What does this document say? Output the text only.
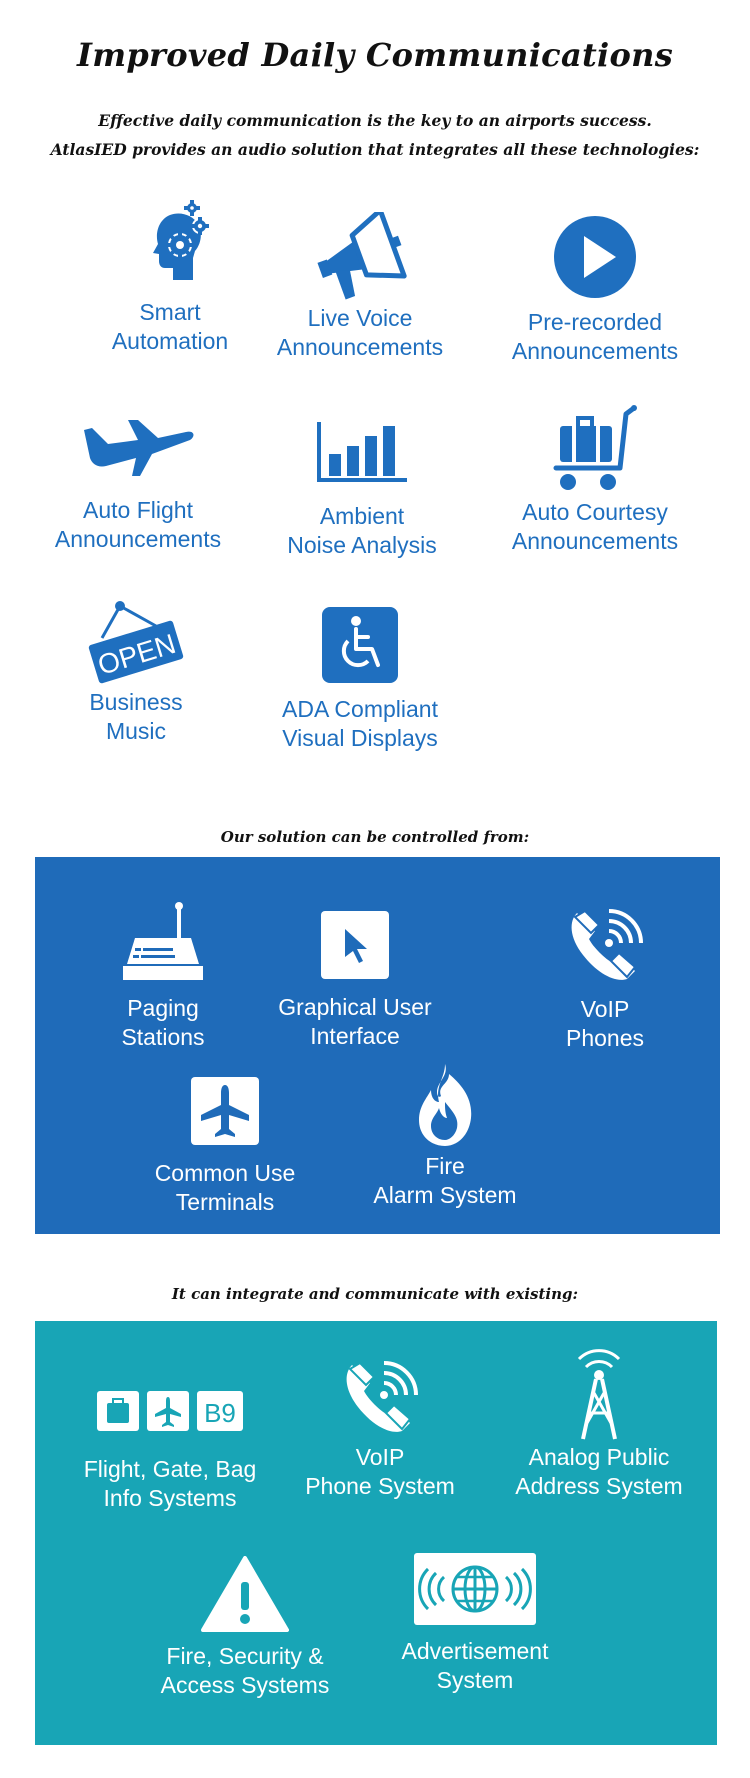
Improved Daily Communications
Effective daily communication is the key to an airports success.
AtlasIED provides an audio solution that integrates all these technologies:
Smart
Automation
Live Voice
Announcements
Pre-recorded
Announcements
Auto Flight
Announcements
Ambient
Noise Analysis
Auto Courtesy
Announcements
OPEN
Business
Music
ADA Compliant
Visual Displays
Our solution can be controlled from:
Paging
Stations
Graphical User
Interface
VoIP
Phones
Common Use
Terminals
Fire
Alarm System
It can integrate and communicate with existing:
B9
Flight, Gate, Bag
Info Systems
VoIP
Phone System
Analog Public
Address System
Fire, Security &
Access Systems
Advertisement
System
